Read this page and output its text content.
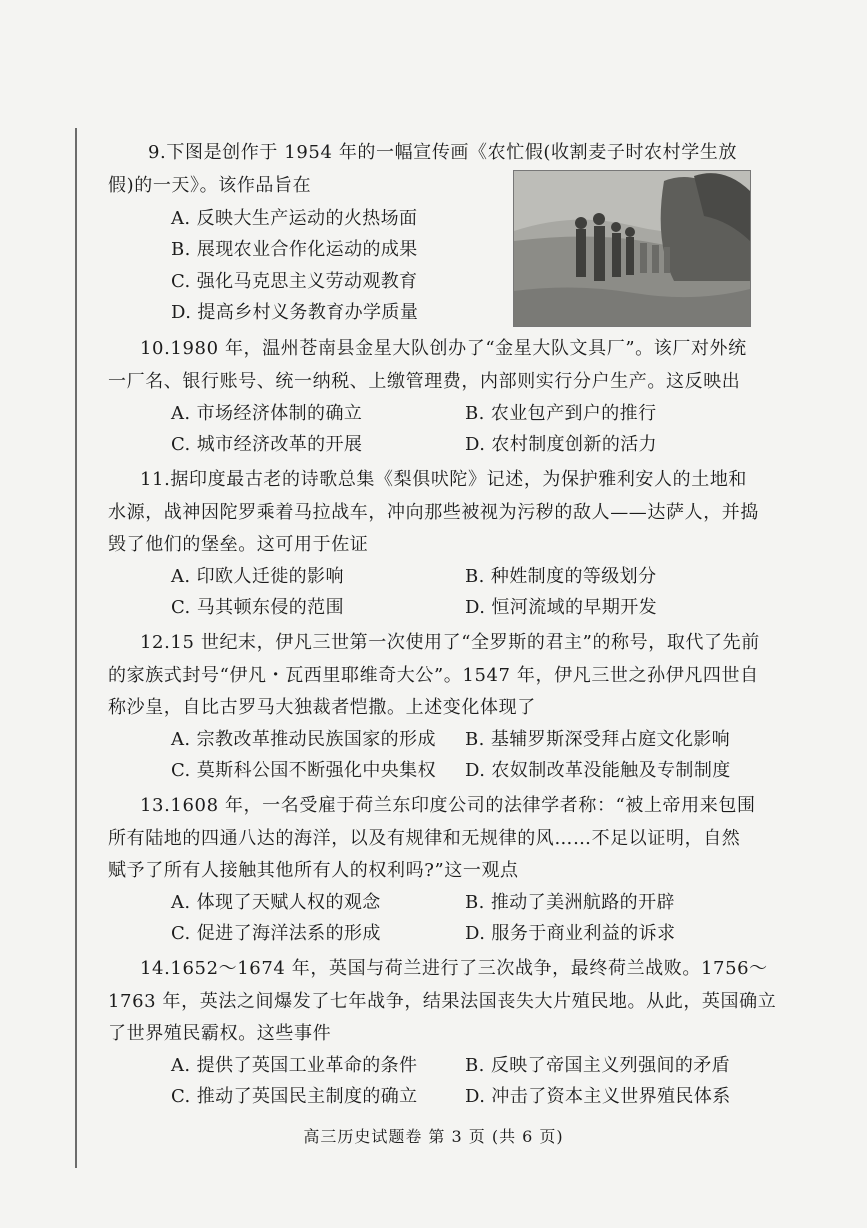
9.下图是创作于 1954 年的一幅宣传画《农忙假(收割麦子时农村学生放
假)的一天》。该作品旨在
A. 反映大生产运动的火热场面
B. 展现农业合作化运动的成果
C. 强化马克思主义劳动观教育
D. 提高乡村义务教育办学质量
10.1980 年，温州苍南县金星大队创办了“金星大队文具厂”。该厂对外统
一厂名、银行账号、统一纳税、上缴管理费，内部则实行分户生产。这反映出
A. 市场经济体制的确立	B. 农业包产到户的推行
C. 城市经济改革的开展	D. 农村制度创新的活力
11.据印度最古老的诗歌总集《梨俱吠陀》记述，为保护雅利安人的土地和
水源，战神因陀罗乘着马拉战车，冲向那些被视为污秽的敌人——达萨人，并捣
毁了他们的堡垒。这可用于佐证
A. 印欧人迁徙的影响	B. 种姓制度的等级划分
C. 马其顿东侵的范围	D. 恒河流域的早期开发
12.15 世纪末，伊凡三世第一次使用了“全罗斯的君主”的称号，取代了先前
的家族式封号“伊凡・瓦西里耶维奇大公”。1547 年，伊凡三世之孙伊凡四世自
称沙皇，自比古罗马大独裁者恺撒。上述变化体现了
A. 宗教改革推动民族国家的形成 B. 基辅罗斯深受拜占庭文化影响
C. 莫斯科公国不断强化中央集权 D. 农奴制改革没能触及专制制度
13.1608 年，一名受雇于荷兰东印度公司的法律学者称：“被上帝用来包围
所有陆地的四通八达的海洋，以及有规律和无规律的风……不足以证明，自然
赋予了所有人接触其他所有人的权利吗?”这一观点
A. 体现了天赋人权的观念	B. 推动了美洲航路的开辟
C. 促进了海洋法系的形成	D. 服务于商业利益的诉求
14.1652～1674 年，英国与荷兰进行了三次战争，最终荷兰战败。1756～
1763 年，英法之间爆发了七年战争，结果法国丧失大片殖民地。从此，英国确立
了世界殖民霸权。这些事件
A. 提供了英国工业革命的条件	B. 反映了帝国主义列强间的矛盾
C. 推动了英国民主制度的确立	D. 冲击了资本主义世界殖民体系
高三历史试题卷 第 3 页 (共 6 页)
